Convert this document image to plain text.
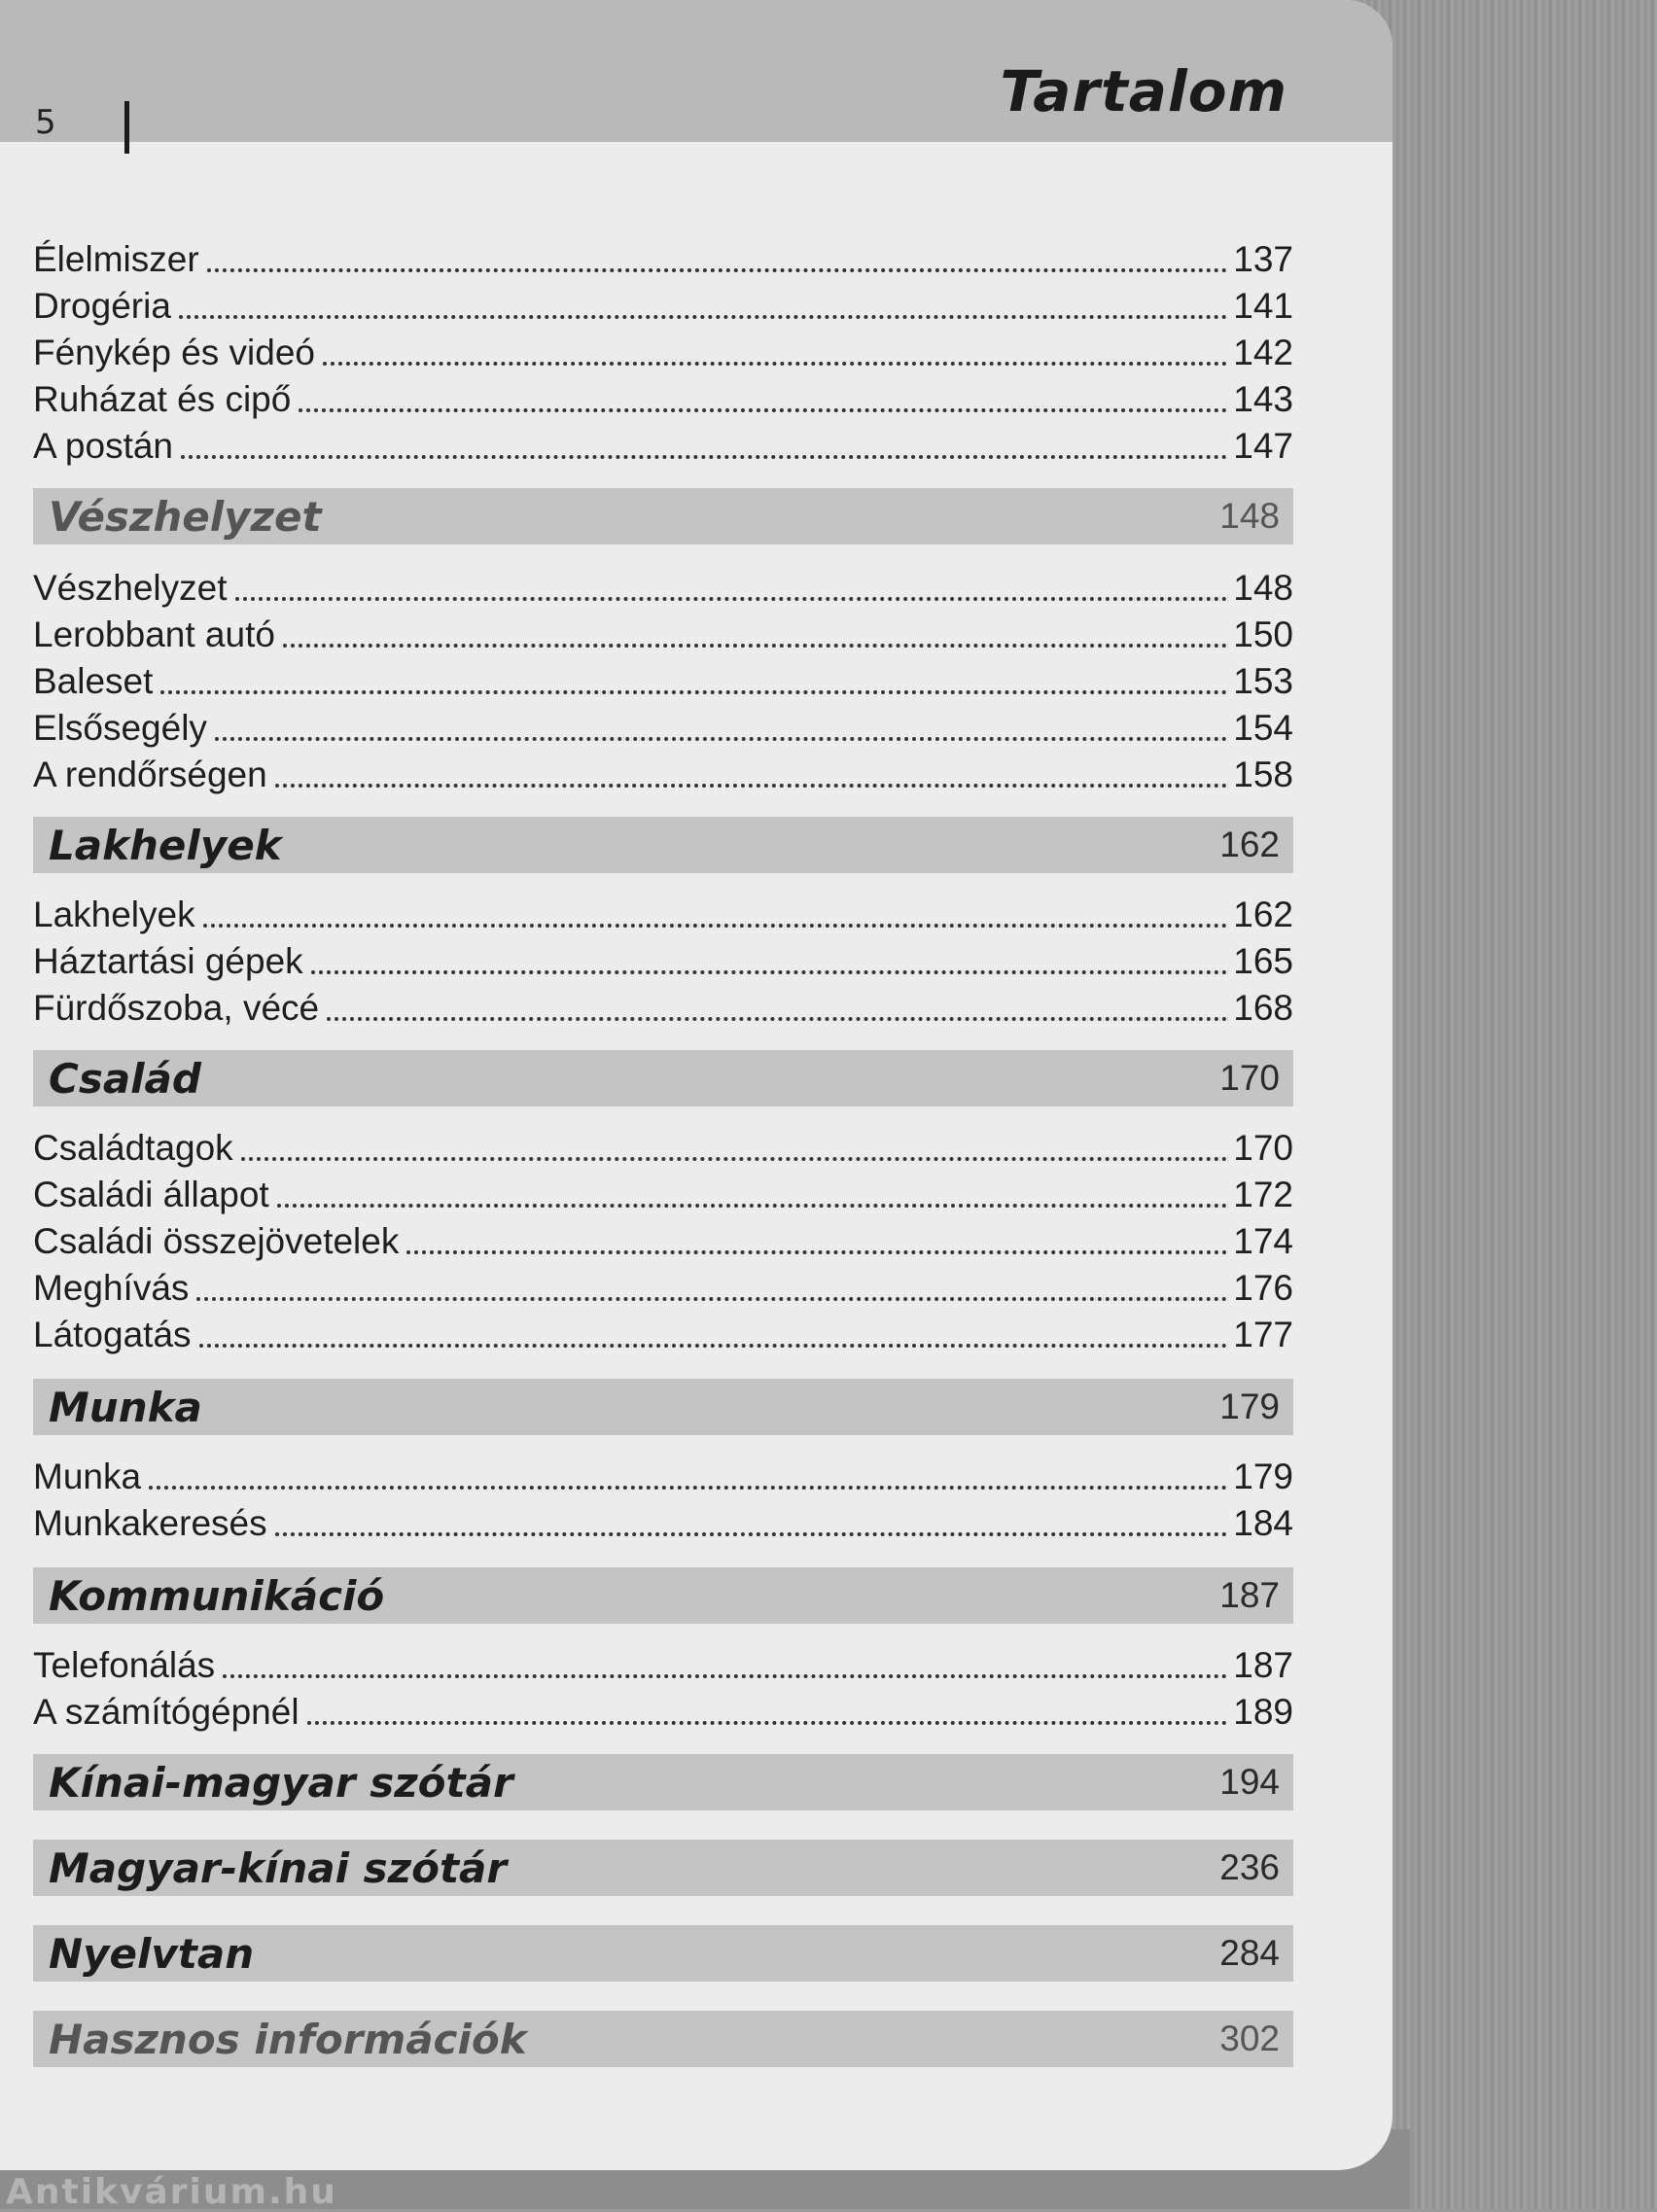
Antikvárium.hu
5	Tartalom
Élelmiszer	137
Drogéria	141
Fénykép és videó	142
Ruházat és cipő	143
A postán	147
Vészhelyzet	148
Vészhelyzet	148
Lerobbant autó	150
Baleset	153
Elsősegély	154
A rendőrségen	158
Lakhelyek	162
Lakhelyek	162
Háztartási gépek	165
Fürdőszoba, vécé	168
Család	170
Családtagok	170
Családi állapot	172
Családi összejövetelek	174
Meghívás	176
Látogatás	177
Munka	179
Munka	179
Munkakeresés	184
Kommunikáció	187
Telefonálás	187
A számítógépnél	189
Kínai-magyar szótár	194
Magyar-kínai szótár	236
Nyelvtan	284
Hasznos információk	302
